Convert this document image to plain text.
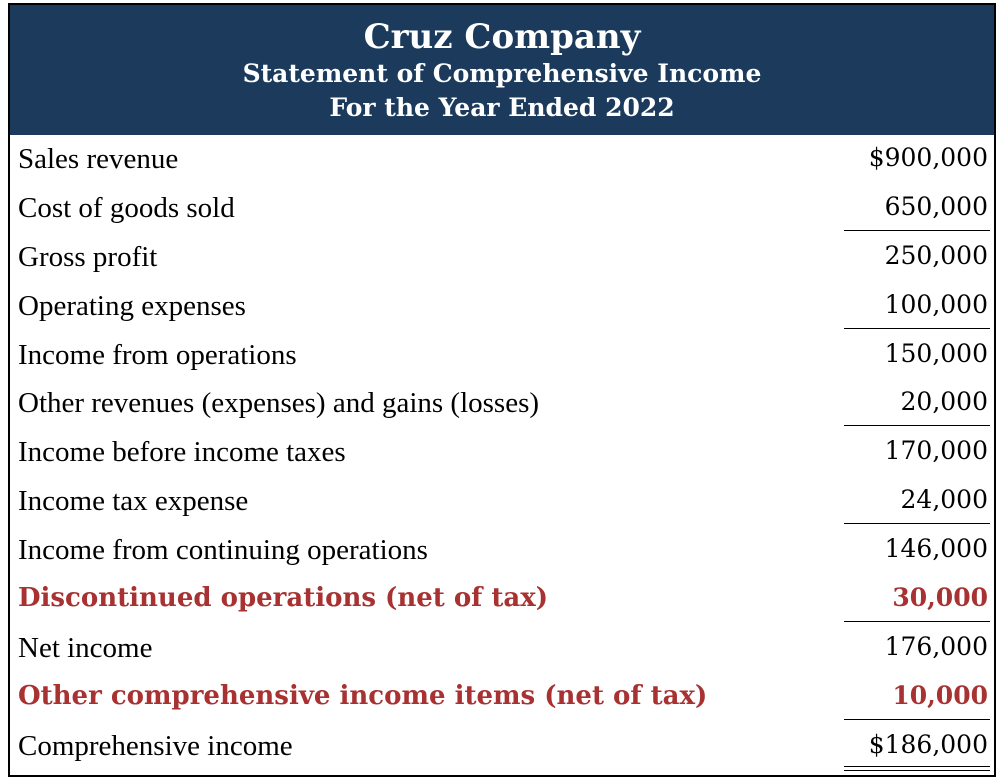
Cruz Company
Statement of Comprehensive Income
For the Year Ended 2022
Sales revenue	$900,000
Cost of goods sold	650,000
Gross profit	250,000
Operating expenses	100,000
Income from operations	150,000
Other revenues (expenses) and gains (losses)	20,000
Income before income taxes	170,000
Income tax expense	24,000
Income from continuing operations	146,000
Discontinued operations (net of tax)	30,000
Net income	176,000
Other comprehensive income items (net of tax)	10,000
Comprehensive income	$186,000
